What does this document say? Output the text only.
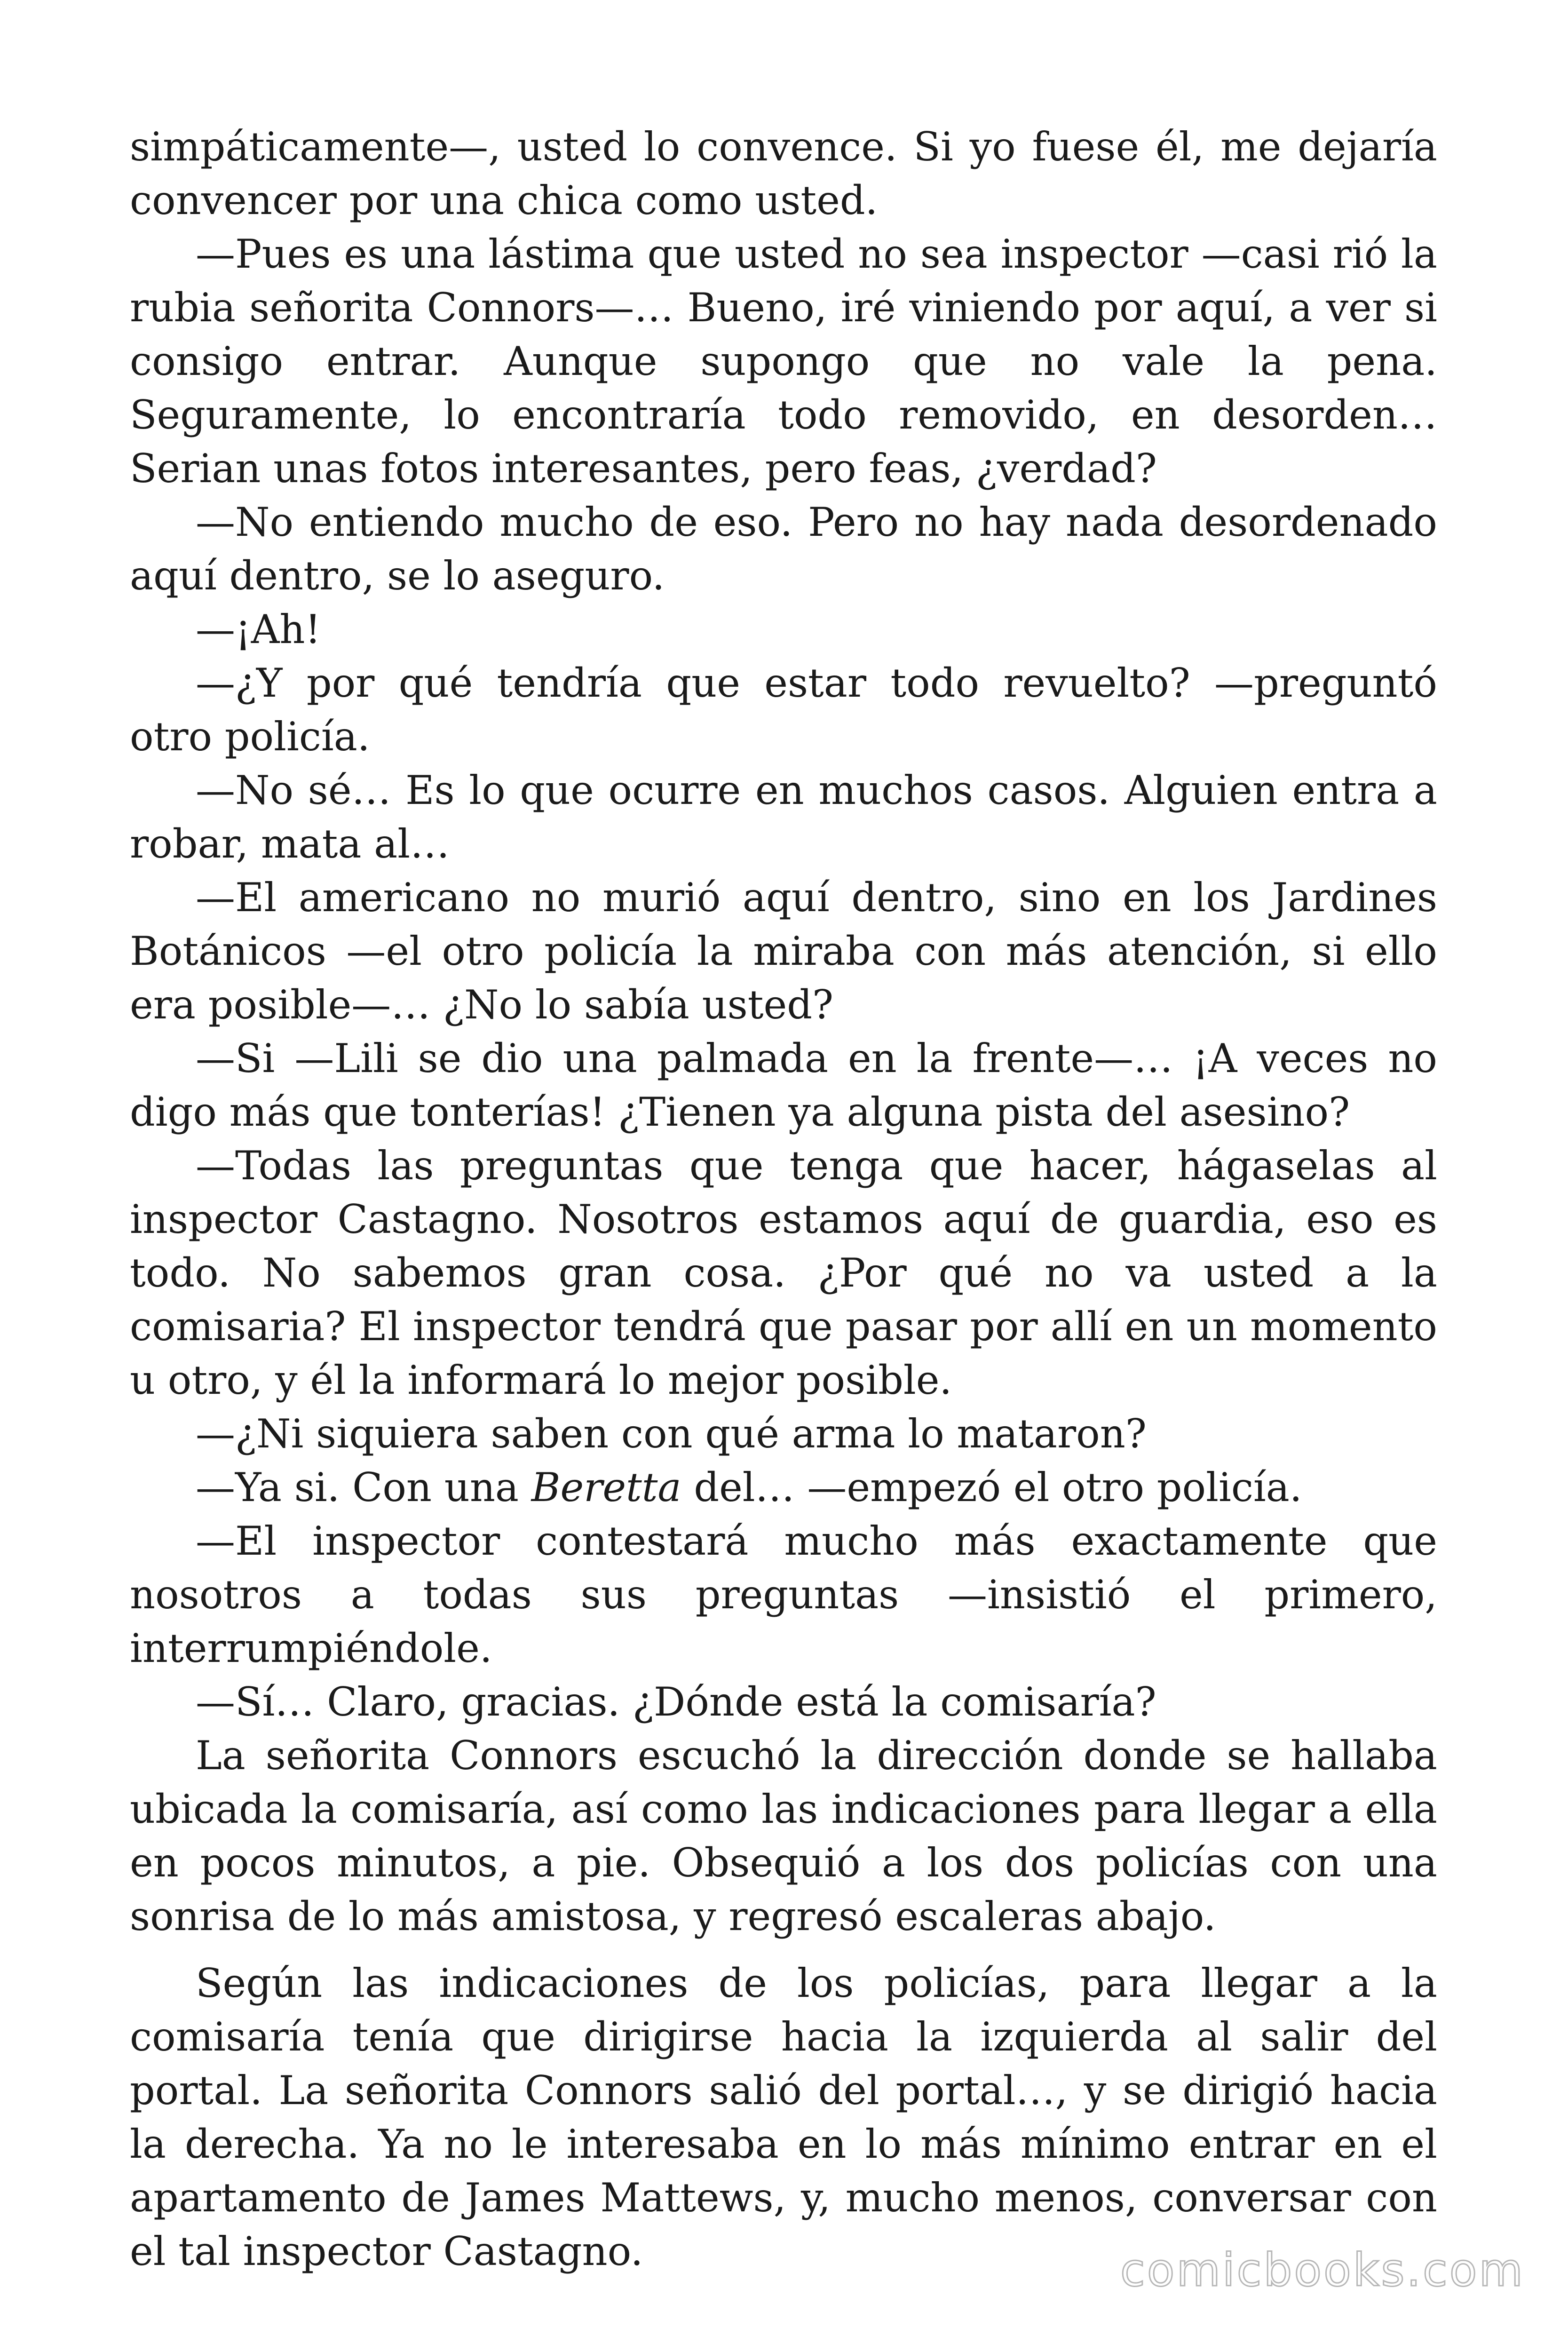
simpáticamente—, usted lo convence. Si yo fuese él, me dejaría convencer por una chica como usted.

—Pues es una lástima que usted no sea inspector —casi rió la rubia señorita Connors—… Bueno, iré viniendo por aquí, a ver si consigo entrar. Aunque supongo que no vale la pena. Seguramente, lo encontraría todo removido, en desorden… Serian unas fotos interesantes, pero feas, ¿verdad?

—No entiendo mucho de eso. Pero no hay nada desordenado aquí dentro, se lo aseguro.

—¡Ah!

—¿Y por qué tendría que estar todo revuelto? —preguntó otro policía.

—No sé… Es lo que ocurre en muchos casos. Alguien entra a robar, mata al…

—El americano no murió aquí dentro, sino en los Jardines Botánicos —el otro policía la miraba con más atención, si ello era posible—… ¿No lo sabía usted?

—Si —Lili se dio una palmada en la frente—… ¡A veces no digo más que tonterías! ¿Tienen ya alguna pista del asesino?

—Todas las preguntas que tenga que hacer, hágaselas al inspector Castagno. Nosotros estamos aquí de guardia, eso es todo. No sabemos gran cosa. ¿Por qué no va usted a la comisaria? El inspector tendrá que pasar por allí en un momento u otro, y él la informará lo mejor posible.

—¿Ni siquiera saben con qué arma lo mataron?

—Ya si. Con una Beretta del… —empezó el otro policía.

—El inspector contestará mucho más exactamente que nosotros a todas sus preguntas —insistió el primero, interrumpiéndole.

—Sí… Claro, gracias. ¿Dónde está la comisaría?

La señorita Connors escuchó la dirección donde se hallaba ubicada la comisaría, así como las indicaciones para llegar a ella en pocos minutos, a pie. Obsequió a los dos policías con una sonrisa de lo más amistosa, y regresó escaleras abajo.

Según las indicaciones de los policías, para llegar a la comisaría tenía que dirigirse hacia la izquierda al salir del portal. La señorita Connors salió del portal…, y se dirigió hacia la derecha. Ya no le interesaba en lo más mínimo entrar en el apartamento de James Mattews, y, mucho menos, conversar con el tal inspector Castagno.	comicbooks.com
